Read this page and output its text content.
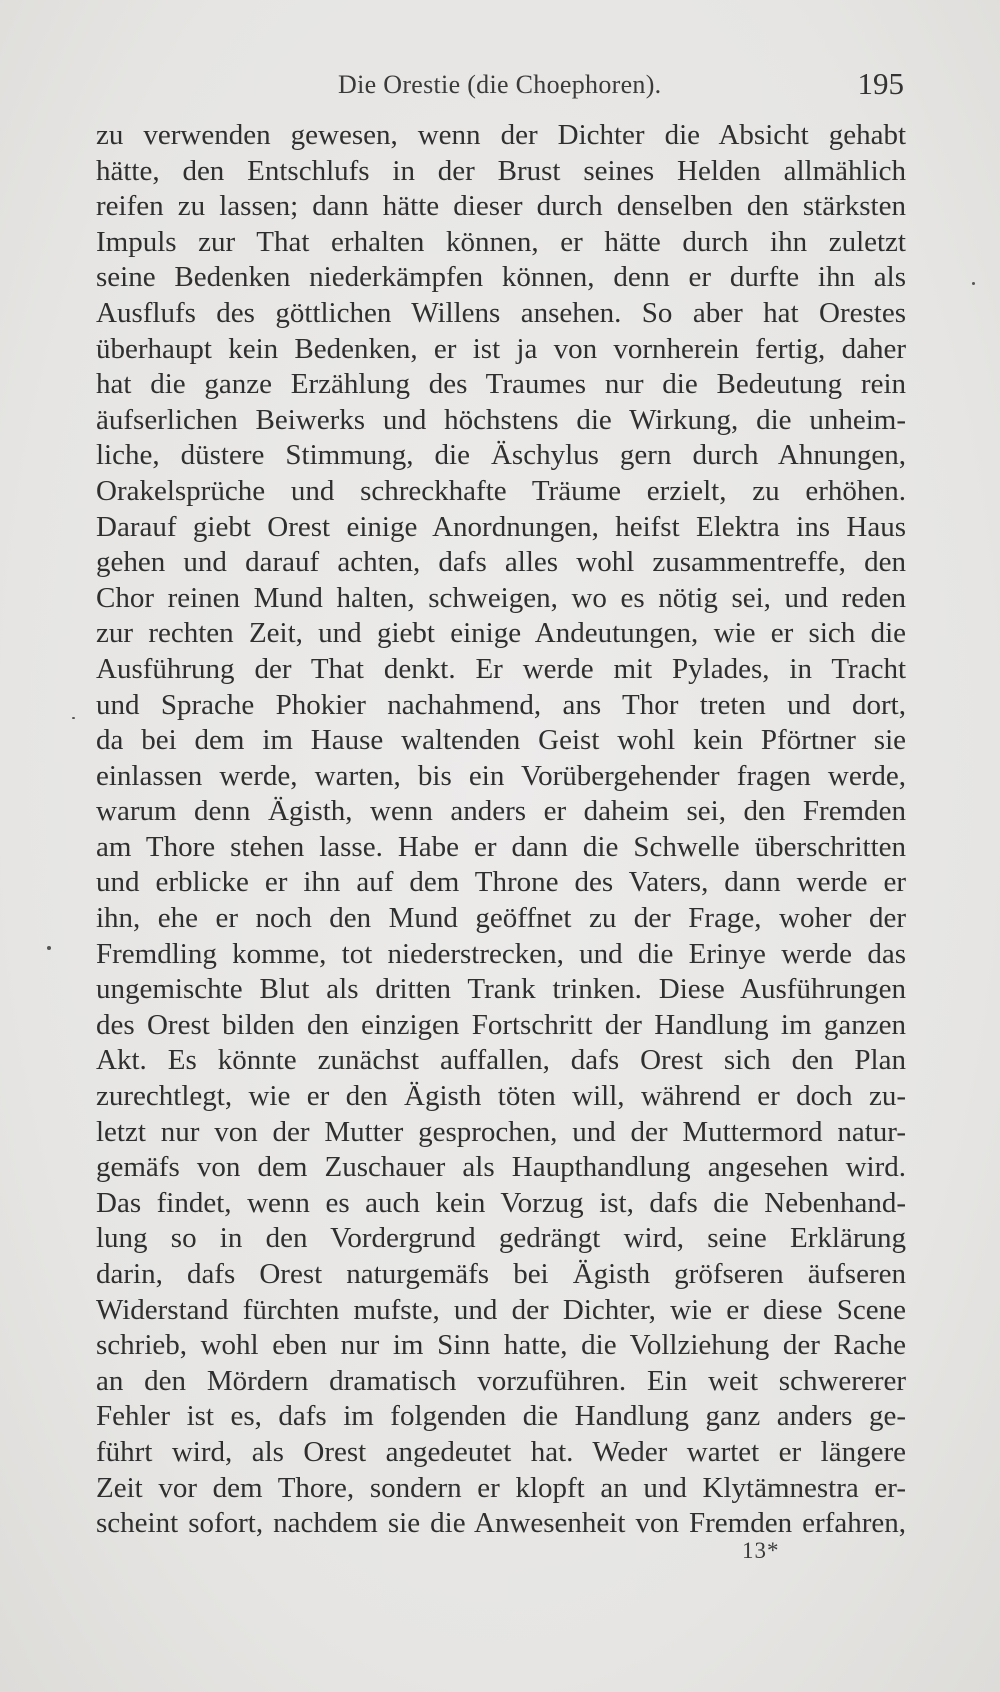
Die Orestie (die Choephoren).	195
zu verwenden gewesen, wenn der Dichter die Absicht gehabt
hätte, den Entschlufs in der Brust seines Helden allmählich
reifen zu lassen; dann hätte dieser durch denselben den stärksten
Impuls zur That erhalten können, er hätte durch ihn zuletzt
seine Bedenken niederkämpfen können, denn er durfte ihn als
Ausflufs des göttlichen Willens ansehen. So aber hat Orestes
überhaupt kein Bedenken, er ist ja von vornherein fertig, daher
hat die ganze Erzählung des Traumes nur die Bedeutung rein
äufserlichen Beiwerks und höchstens die Wirkung, die unheim-
liche, düstere Stimmung, die Äschylus gern durch Ahnungen,
Orakelsprüche und schreckhafte Träume erzielt, zu erhöhen.
Darauf giebt Orest einige Anordnungen, heifst Elektra ins Haus
gehen und darauf achten, dafs alles wohl zusammentreffe, den
Chor reinen Mund halten, schweigen, wo es nötig sei, und reden
zur rechten Zeit, und giebt einige Andeutungen, wie er sich die
Ausführung der That denkt. Er werde mit Pylades, in Tracht
und Sprache Phokier nachahmend, ans Thor treten und dort,
da bei dem im Hause waltenden Geist wohl kein Pförtner sie
einlassen werde, warten, bis ein Vorübergehender fragen werde,
warum denn Ägisth, wenn anders er daheim sei, den Fremden
am Thore stehen lasse. Habe er dann die Schwelle überschritten
und erblicke er ihn auf dem Throne des Vaters, dann werde er
ihn, ehe er noch den Mund geöffnet zu der Frage, woher der
Fremdling komme, tot niederstrecken, und die Erinye werde das
ungemischte Blut als dritten Trank trinken. Diese Ausführungen
des Orest bilden den einzigen Fortschritt der Handlung im ganzen
Akt. Es könnte zunächst auffallen, dafs Orest sich den Plan
zurechtlegt, wie er den Ägisth töten will, während er doch zu-
letzt nur von der Mutter gesprochen, und der Muttermord natur-
gemäfs von dem Zuschauer als Haupthandlung angesehen wird.
Das findet, wenn es auch kein Vorzug ist, dafs die Nebenhand-
lung so in den Vordergrund gedrängt wird, seine Erklärung
darin, dafs Orest naturgemäfs bei Ägisth gröfseren äufseren
Widerstand fürchten mufste, und der Dichter, wie er diese Scene
schrieb, wohl eben nur im Sinn hatte, die Vollziehung der Rache
an den Mördern dramatisch vorzuführen. Ein weit schwererer
Fehler ist es, dafs im folgenden die Handlung ganz anders ge-
führt wird, als Orest angedeutet hat. Weder wartet er längere
Zeit vor dem Thore, sondern er klopft an und Klytämnestra er-
scheint sofort, nachdem sie die Anwesenheit von Fremden erfahren,
13*
